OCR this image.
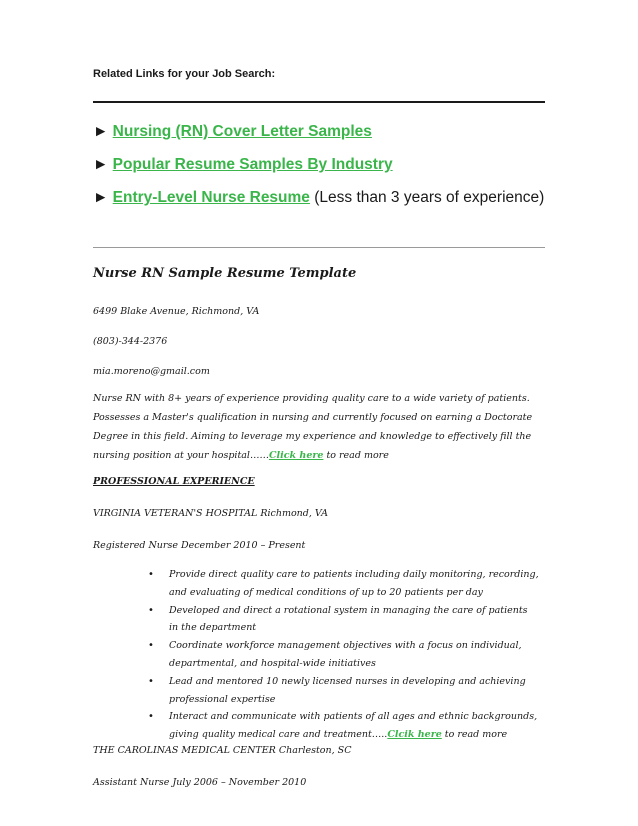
Related Links for your Job Search:
► Nursing (RN) Cover Letter Samples
► Popular Resume Samples By Industry
► Entry-Level Nurse Resume (Less than 3 years of experience)
Nurse RN Sample Resume Template
6499 Blake Avenue, Richmond, VA
(803)-344-2376
mia.moreno@gmail.com
Nurse RN with 8+ years of experience providing quality care to a wide variety of patients. Possesses a Master's qualification in nursing and currently focused on earning a Doctorate Degree in this field. Aiming to leverage my experience and knowledge to effectively fill the nursing position at your hospital……Click here to read more
PROFESSIONAL EXPERIENCE
VIRGINIA VETERAN'S HOSPITAL Richmond, VA
Registered Nurse December 2010 – Present
• Provide direct quality care to patients including daily monitoring, recording, and evaluating of medical conditions of up to 20 patients per day
• Developed and direct a rotational system in managing the care of patients in the department
• Coordinate workforce management objectives with a focus on individual, departmental, and hospital-wide initiatives
• Lead and mentored 10 newly licensed nurses in developing and achieving professional expertise
• Interact and communicate with patients of all ages and ethnic backgrounds, giving quality medical care and treatment…..Clcik here to read more
THE CAROLINAS MEDICAL CENTER Charleston, SC
Assistant Nurse July 2006 – November 2010
